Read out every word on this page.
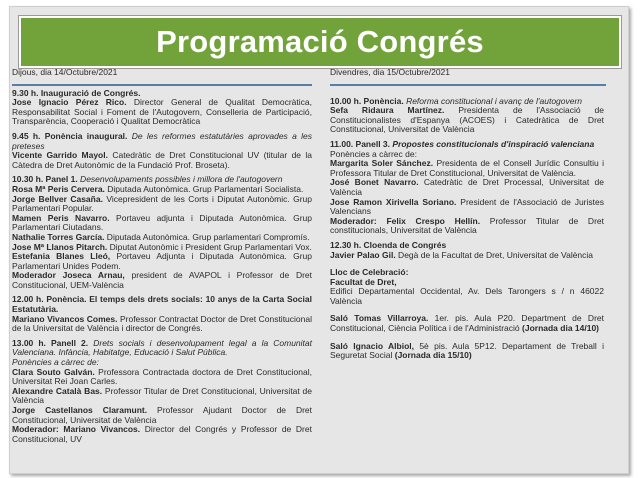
Programació Congrés
Dijous, dia 14/Octubre/2021

9.30 h. Inauguració de Congrés.

Jose Ignacio Pérez Rico. Director General de Qualitat Democràtica, Responsabilitat Social i Foment de l'Autogovern, Conselleria de Participació, Transparència, Cooperació i Qualitat Democràtica

9.45 h. Ponència inaugural. De les reformes estatutàries aprovades a les preteses

Vicente Garrido Mayol. Catedràtic de Dret Constitucional UV (titular de la Càtedra de Dret Autonòmic de la Fundació Prof. Broseta).

10.30 h. Panel 1. Desenvolupaments possibles i millora de l'autogovern

Rosa Mª Peris Cervera. Diputada Autonòmica. Grup Parlamentari Socialista.

Jorge Bellver Casaña. Vicepresident de les Corts i Diputat Autonòmic. Grup Parlamentari Popular.

Mamen Peris Navarro. Portaveu adjunta i Diputada Autonòmica. Grup Parlamentari Ciutadans.

Nathalie Torres García. Diputada Autonòmica. Grup parlamentari Compromís.

Jose Mª Llanos Pitarch. Diputat Autonòmic i President Grup Parlamentari Vox.

Estefania Blanes Lleó, Portaveu Adjunta i Diputada Autonòmica. Grup Parlamentari Unides Podem.

Moderador Joseca Arnau, president de AVAPOL i Professor de Dret Constitucional, UEM-València

12.00 h. Ponència. El temps dels drets socials: 10 anys de la Carta Social Estatutària.

Mariano Vivancos Comes. Professor Contractat Doctor de Dret Constitucional de la Universitat de València i director de Congrés.

13.00 h. Panell 2. Drets socials i desenvolupament legal a la Comunitat Valenciana. Infància, Habitatge, Educació i Salut Pública.

Ponències a càrrec de:

Clara Souto Galván. Professora Contractada doctora de Dret Constitucional, Universitat Rei Joan Carles.

Alexandre Català Bas. Professor Titular de Dret Constitucional, Universitat de València

Jorge Castellanos Claramunt. Professor Ajudant Doctor de Dret Constitucional, Universitat de València

Moderador: Mariano Vivancos. Director del Congrés y Professor de Dret Constitucional, UV

Divendres, dia 15/Octubre/2021

10.00 h. Ponència. Reforma constitucional i avanç de l'autogovern

Sefa Ridaura Martínez. Presidenta de l'Associació de Constitucionalistes d'Espanya (ACOES) i Catedràtica de Dret Constitucional, Universitat de València

11.00. Panell 3. Propostes constitucionals d'inspiració valenciana

Ponències a càrrec de:

Margarita Soler Sánchez. Presidenta de el Consell Jurídic Consultiu i Professora Titular de Dret Constitucional, Universitat de València.

José Bonet Navarro. Catedràtic de Dret Processal, Universitat de València

Jose Ramon Xirivella Soriano. President de l'Associació de Juristes Valencians

Moderador: Felix Crespo Hellín. Professor Titular de Dret constitucionals, Universitat de València

12.30 h. Cloenda de Congrés

Javier Palao Gil. Degà de la Facultat de Dret, Universitat de València

Lloc de Celebració:

Facultat de Dret,

Edifici Departamental Occidental, Av. Dels Tarongers s / n 46022 València

Saló Tomas Villarroya. 1er. pis. Aula P20. Department de Dret Constitucional, Ciència Política i de l'Administració (Jornada dia 14/10)

Saló Ignacio Albiol, 5è pis. Aula 5P12. Departament de Treball i Seguretat Social (Jornada dia 15/10)
